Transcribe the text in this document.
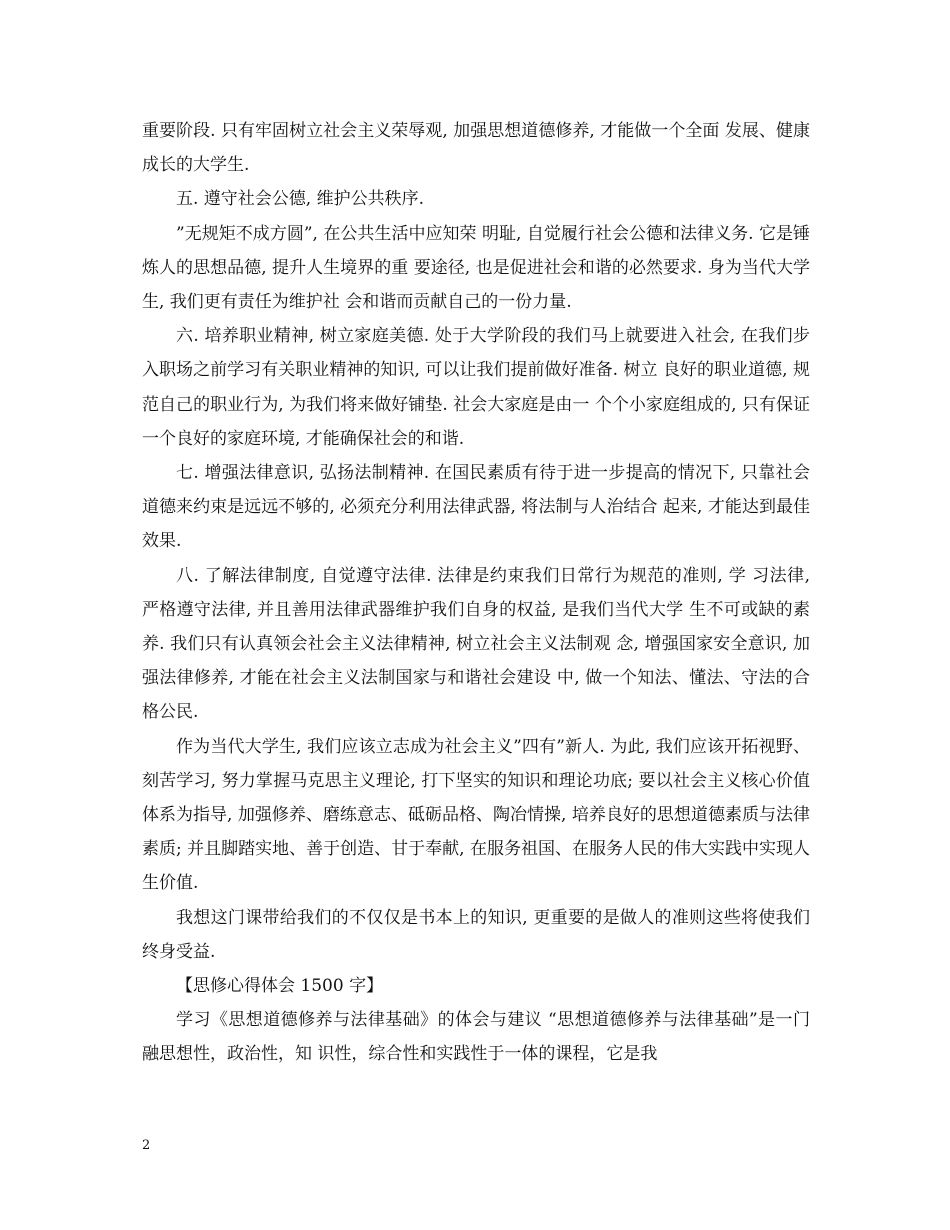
重要阶段. 只有牢固树立社会主义荣辱观, 加强思想道德修养, 才能做一个全面 发展、健康成长的大学生.

五. 遵守社会公德, 维护公共秩序.

”无规矩不成方圆”, 在公共生活中应知荣 明耻, 自觉履行社会公德和法律义务. 它是锤炼人的思想品德, 提升人生境界的重 要途径, 也是促进社会和谐的必然要求. 身为当代大学生, 我们更有责任为维护社 会和谐而贡献自己的一份力量.

六. 培养职业精神, 树立家庭美德. 处于大学阶段的我们马上就要进入社会, 在我们步入职场之前学习有关职业精神的知识, 可以让我们提前做好准备. 树立 良好的职业道德, 规范自己的职业行为, 为我们将来做好铺垫. 社会大家庭是由一 个个小家庭组成的, 只有保证一个良好的家庭环境, 才能确保社会的和谐.

七. 增强法律意识, 弘扬法制精神. 在国民素质有待于进一步提高的情况下, 只靠社会道德来约束是远远不够的, 必须充分利用法律武器, 将法制与人治结合 起来, 才能达到最佳效果.

八. 了解法律制度, 自觉遵守法律. 法律是约束我们日常行为规范的准则, 学 习法律, 严格遵守法律, 并且善用法律武器维护我们自身的权益, 是我们当代大学 生不可或缺的素养. 我们只有认真领会社会主义法律精神, 树立社会主义法制观 念, 增强国家安全意识, 加强法律修养, 才能在社会主义法制国家与和谐社会建设 中, 做一个知法、懂法、守法的合格公民.

作为当代大学生, 我们应该立志成为社会主义”四有”新人. 为此, 我们应该开拓视野、刻苦学习, 努力掌握马克思主义理论, 打下坚实的知识和理论功底; 要以社会主义核心价值体系为指导, 加强修养、磨练意志、砥砺品格、陶冶情操, 培养良好的思想道德素质与法律素质; 并且脚踏实地、善于创造、甘于奉献, 在服务祖国、在服务人民的伟大实践中实现人生价值.

我想这门课带给我们的不仅仅是书本上的知识, 更重要的是做人的准则这些将使我们终身受益.

【思修心得体会 1500 字】

学习《思想道德修养与法律基础》的体会与建议 “思想道德修养与法律基础”是一门融思想性，政治性，知 识性，综合性和实践性于一体的课程，它是我

2
